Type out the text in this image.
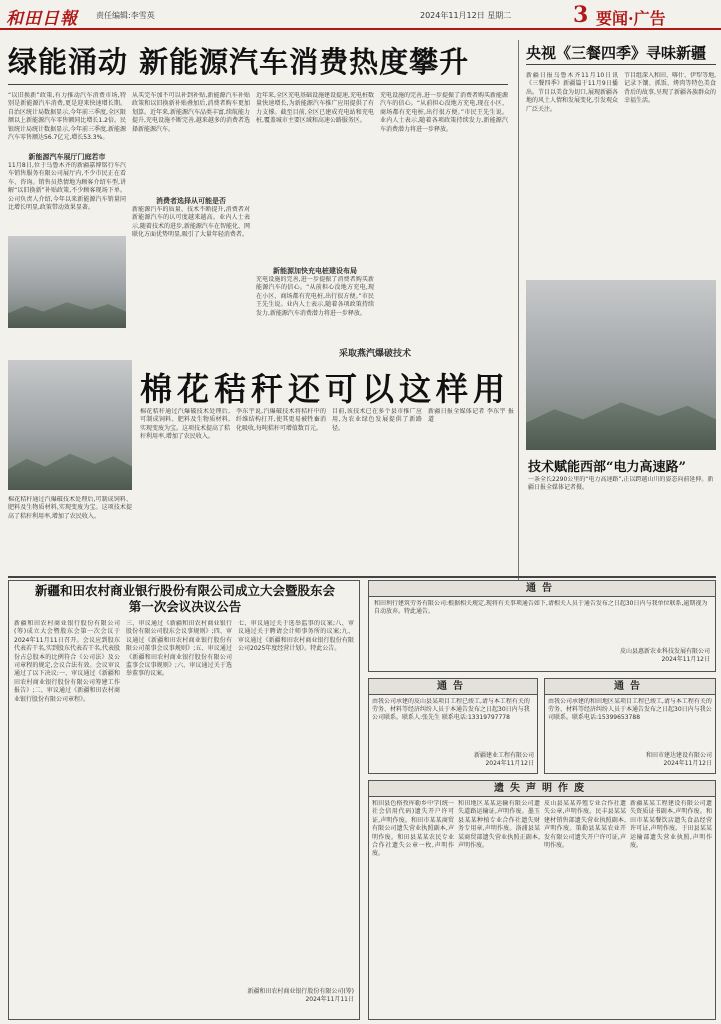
和田日報 责任编辑:李雪英	2024年11月12日 星期二	3 要闻·广告
绿能涌动 新能源汽车消费热度攀升
“以旧换新”政策,有力推动汽车消费市场,特别是新能源汽车消费,更是迎来快速增长期。自治区统计局数据显示,今年前三季度,全区限额以上新能源汽车零售额同比增长1.2倍。民银统计局统计数据显示,今年前三季度,新能源汽车零售额达56.7亿元,增长53.3%。
新能源汽车展厅门庭若市
11月8日,位于乌鲁木齐的新疆嘉博铭行车汽车销售服务有限公司展厅内,不少市民正在看车、咨询。销售员热情地为顾客介绍车型,讲解“以旧换新”补贴政策,不少顾客现场下单。公司负责人介绍,今年以来新能源汽车销量同比增长明显,政策带动效果显著。
从买完车加不可以补到补贴,新能源汽车补贴政策和以旧换新补贴叠加后,消费者购车更加划算。近年来,新能源汽车品类丰富,续航能力提升,充电设施不断完善,越来越多的消费者选择新能源汽车。
消费者选择从可能是否
新能源汽车的质量、技术不断提升,消费者对新能源汽车的认可度越来越高。业内人士表示,随着技术的进步,新能源汽车在智能化、网联化方面优势明显,吸引了大量年轻消费者。
近年来,全区充电基础设施建设提速,充电桩数量快速增长,为新能源汽车推广应用提供了有力支撑。截至目前,全区已建成充电站和充电桩,覆盖城市主要区域和高速公路服务区。
新能源加快充电桩建设布局
充电设施的完善,进一步提振了消费者购买新能源汽车的信心。“从前担心没地方充电,现在小区、商场都有充电桩,出行很方便。”市民王先生说。业内人士表示,随着各项政策持续发力,新能源汽车消费潜力将进一步释放。
充电设施的完善,进一步提振了消费者购买新能源汽车的信心。“从前担心没地方充电,现在小区、商场都有充电桩,出行很方便。”市民王先生说。业内人士表示,随着各项政策持续发力,新能源汽车消费潜力将进一步释放。
央视《三餐四季》寻味新疆
新疆日报乌鲁木齐11月10日讯 《三餐四季》新疆篇于11月9日播出。节目以美食为切口,展现新疆各地的风土人情和发展变化,引发观众广泛关注。
节目组深入和田、喀什、伊犁等地,记录下馕、抓饭、烤肉等特色美食背后的故事,呈现了新疆各族群众的幸福生活。
采取燕汽爆破技术
棉花秸秆还可以这样用
棉花秸秆通过汽爆破技术处理后,可制成饲料、肥料及生物质材料,实现变废为宝。这项技术提高了秸秆利用率,增加了农民收入。
李东宇说,汽爆破技术将秸秆中的纤维结构打开,使其更易被牲畜消化吸收,每吨秸秆可增值数百元。
目前,该技术已在多个县市推广应用,为农业绿色发展提供了新路径。
新疆日报全媒体记者 李东宇 报道
棉花秸秆通过汽爆破技术处理后,可制成饲料、肥料及生物质材料,实现变废为宝。这项技术提高了秸秆利用率,增加了农民收入。
技术赋能西部“电力高速路”
一条全长2290公里的“电力高速路”,正以跨越山川的姿态向前延伸。新疆日报全媒体记者摄。
新疆和田农村商业银行股份有限公司成立大会暨股东会
第一次会议决议公告
新疆和田农村商业银行股份有限公司(筹)成立大会暨股东会第一次会议于2024年11月11日召开。会议应到股东代表若干名,实到股东代表若干名,代表股份占总股本的比例符合《公司法》及公司章程的规定,会议合法有效。会议审议通过了以下决议:一、审议通过《新疆和田农村商业银行股份有限公司筹建工作报告》;二、审议通过《新疆和田农村商业银行股份有限公司章程》。
三、审议通过《新疆和田农村商业银行股份有限公司股东会议事规则》;四、审议通过《新疆和田农村商业银行股份有限公司董事会议事规则》;五、审议通过《新疆和田农村商业银行股份有限公司监事会议事规则》;六、审议通过关于选举董事的议案。
七、审议通过关于选举监事的议案;八、审议通过关于聘请会计师事务所的议案;九、审议通过《新疆和田农村商业银行股份有限公司2025年度经营计划》。特此公告。
新疆和田农村商业银行股份有限公司(筹)
2024年11月11日
通告
和田利行建筑劳务有限公司:根据相关规定,现将有关事项通告如下,请相关人员于通告发布之日起30日内与我单位联系,逾期视为自动放弃。特此通告。
皮山县惠新农业科技发展有限公司
2024年11月12日
通告
由我公司承建的皮山县某项目工程已竣工,请与本工程有关的劳务、材料等经济纠纷人员于本通告发布之日起30日内与我公司联系。联系人:张先生 联系电话:13319797778
新疆建业工程有限公司
2024年11月12日
通告
由我公司承建的和田地区某项目工程已竣工,请与本工程有关的劳务、材料等经济纠纷人员于本通告发布之日起30日内与我公司联系。联系电话:15399653788
和田市建达建设有限公司
2024年11月12日
遗失声明作废
和田县色格孜库勒乡中学(统一社会信用代码)遗失开户许可证,声明作废。和田市某某商贸有限公司遗失营业执照副本,声明作废。和田县某某农民专业合作社遗失公章一枚,声明作废。
和田地区某某运输有限公司遗失道路运输证,声明作废。墨玉县某某种植专业合作社遗失财务专用章,声明作废。洛浦县某某商贸部遗失营业执照正副本,声明作废。
皮山县某某养殖专业合作社遗失公章,声明作废。民丰县某某建材销售部遗失营业执照副本,声明作废。策勒县某某农业开发有限公司遗失开户许可证,声明作废。
新疆某某工程建设有限公司遗失资质证书副本,声明作废。和田市某某餐饮店遗失食品经营许可证,声明作废。于田县某某运输部遗失营业执照,声明作废。
